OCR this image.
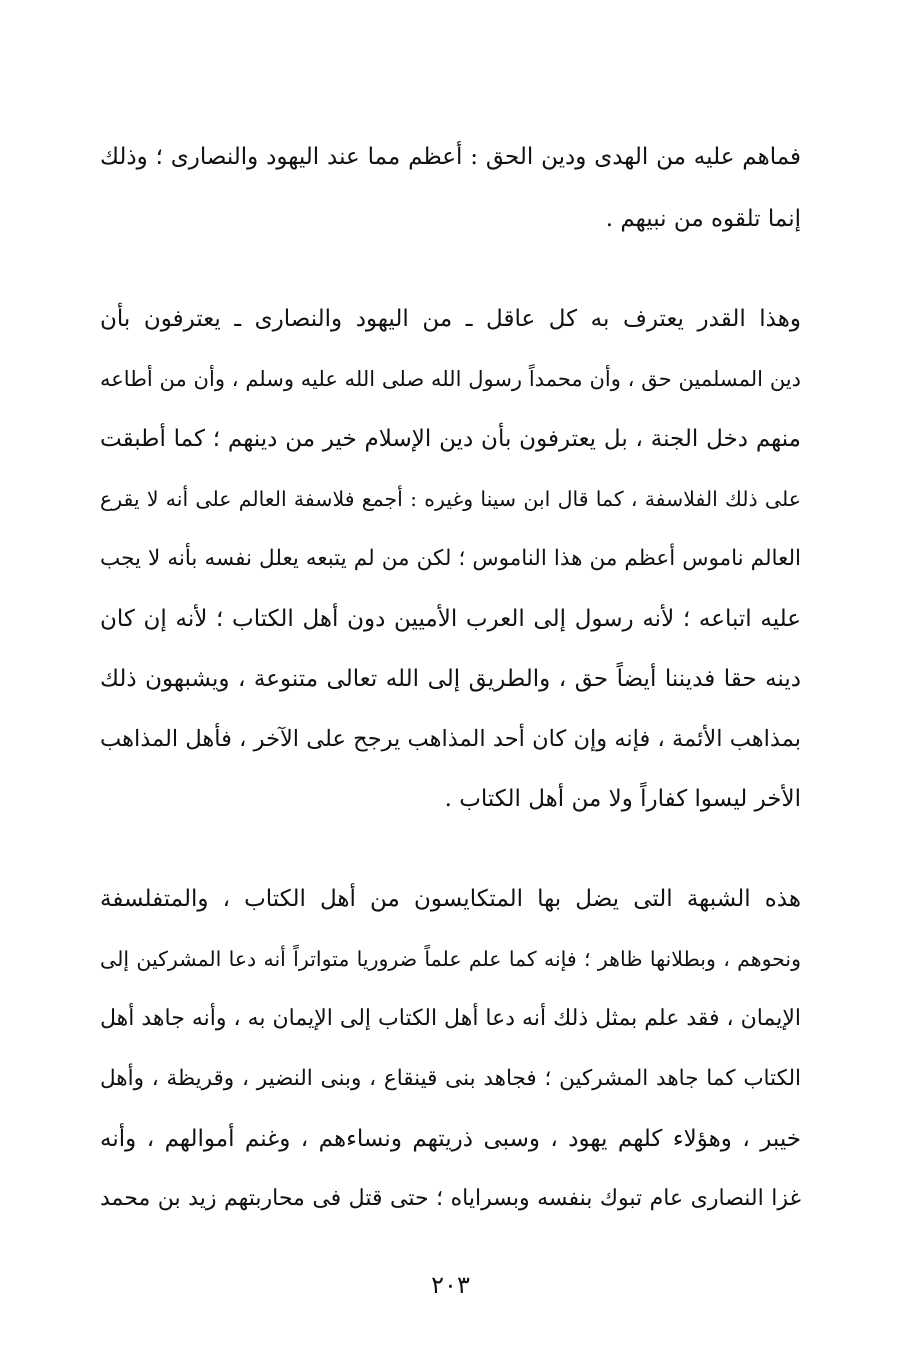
فماهم عليه من الهدى ودين الحق : أعظم مما عند اليهود والنصارى ؛ وذلك
إنما تلقوه من نبيهم .
وهذا القدر يعترف به كل عاقل ـ من اليهود والنصارى ـ يعترفون بأن
دين المسلمين حق ، وأن محمداً رسول الله صلى الله عليه وسلم ، وأن من أطاعه
منهم دخل الجنة ، بل يعترفون بأن دين الإسلام خير من دينهم ؛ كما أطبقت
على ذلك الفلاسفة ، كما قال ابن سينا وغيره : أجمع فلاسفة العالم على أنه لا يقرع
العالم ناموس أعظم من هذا الناموس ؛ لكن من لم يتبعه يعلل نفسه بأنه لا يجب
عليه اتباعه ؛ لأنه رسول إلى العرب الأميين دون أهل الكتاب ؛ لأنه إن كان
دينه حقا فديننا أيضاً حق ، والطريق إلى الله تعالى متنوعة ، ويشبهون ذلك
بمذاهب الأئمة ، فإنه وإن كان أحد المذاهب يرجح على الآخر ، فأهل المذاهب
الأخر ليسوا كفاراً ولا من أهل الكتاب .
هذه الشبهة التى يضل بها المتكايسون من أهل الكتاب ، والمتفلسفة
ونحوهم ، وبطلانها ظاهر ؛ فإنه كما علم علماً ضروريا متواتراً أنه دعا المشركين إلى
الإيمان ، فقد علم بمثل ذلك أنه دعا أهل الكتاب إلى الإيمان به ، وأنه جاهد أهل
الكتاب كما جاهد المشركين ؛ فجاهد بنى قينقاع ، وبنى النضير ، وقريظة ، وأهل
خيبر ، وهؤلاء كلهم يهود ، وسبى ذريتهم ونساءهم ، وغنم أموالهم ، وأنه
غزا النصارى عام تبوك بنفسه وبسراياه ؛ حتى قتل فى محاربتهم زيد بن محمد
٢٠٣
